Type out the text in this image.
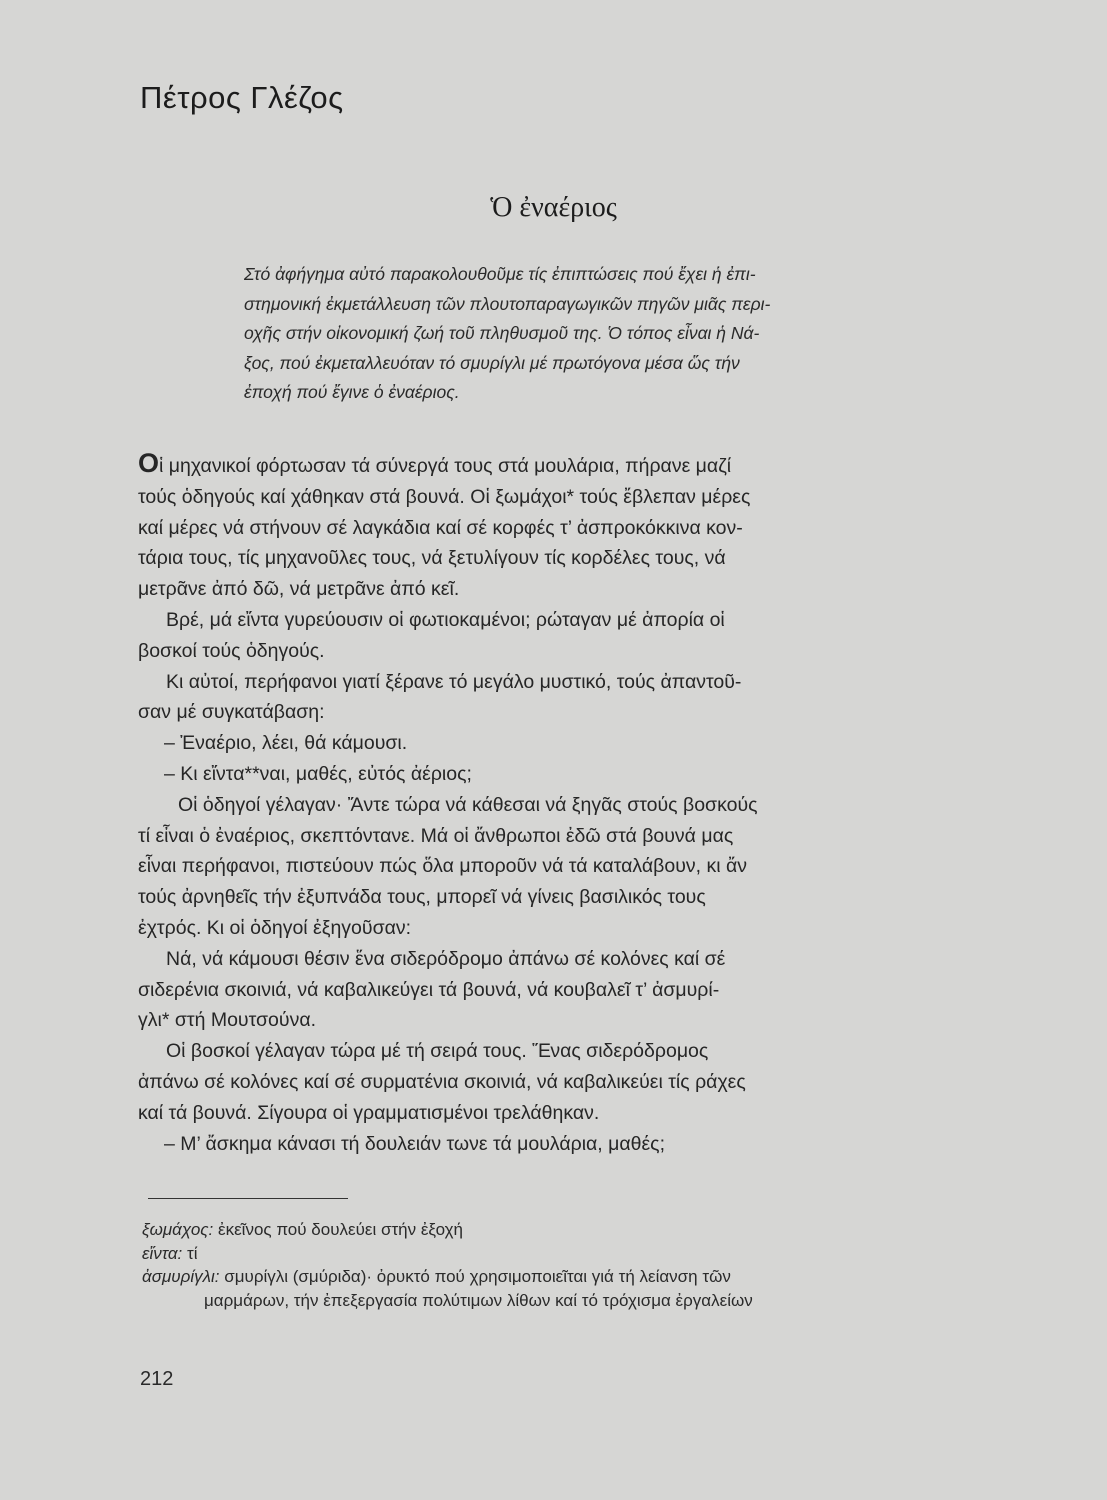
Πέτρος Γλέζος
Ὁ ἐναέριος
Στό ἀφήγημα αὐτό παρακολουθοῦμε τίς ἐπιπτώσεις πού ἔχει ἡ ἐπι-
στημονική ἐκμετάλλευση τῶν πλουτοπαραγωγικῶν πηγῶν μιᾶς περι-
οχῆς στήν οἰκονομική ζωή τοῦ πληθυσμοῦ της. Ὁ τόπος εἶναι ἡ Νά-
ξος, πού ἐκμεταλλευόταν τό σμυρίγλι μέ πρωτόγονα μέσα ὥς τήν
ἐποχή πού ἔγινε ὁ ἐναέριος.
Οἱ μηχανικοί φόρτωσαν τά σύνεργά τους στά μουλάρια, πήρανε μαζί
τούς ὁδηγούς καί χάθηκαν στά βουνά. Οἱ ξωμάχοι* τούς ἔβλεπαν μέρες
καί μέρες νά στήνουν σέ λαγκάδια καί σέ κορφές τ’ ἀσπροκόκκινα κον-
τάρια τους, τίς μηχανοῦλες τους, νά ξετυλίγουν τίς κορδέλες τους, νά
μετρᾶνε ἀπό δῶ, νά μετρᾶνε ἀπό κεῖ.
Βρέ, μά εἴντα γυρεύουσιν οἱ φωτιοκαμένοι; ρώταγαν μέ ἀπορία οἱ
βοσκοί τούς ὁδηγούς.
Κι αὐτοί, περήφανοι γιατί ξέρανε τό μεγάλο μυστικό, τούς ἀπαντοῦ-
σαν μέ συγκατάβαση:
– Ἐναέριο, λέει, θά κάμουσι.
– Κι εἴντα**ναι, μαθές, εὐτός ἀέριος;
Οἱ ὁδηγοί γέλαγαν· Ἄντε τώρα νά κάθεσαι νά ξηγᾶς στούς βοσκούς
τί εἶναι ὁ ἐναέριος, σκεπτόντανε. Μά οἱ ἄνθρωποι ἐδῶ στά βουνά μας
εἶναι περήφανοι, πιστεύουν πώς ὅλα μποροῦν νά τά καταλάβουν, κι ἄν
τούς ἀρνηθεῖς τήν ἐξυπνάδα τους, μπορεῖ νά γίνεις βασιλικός τους
ἐχτρός. Κι οἱ ὁδηγοί ἐξηγοῦσαν:
Νά, νά κάμουσι θέσιν ἕνα σιδερόδρομο ἀπάνω σέ κολόνες καί σέ
σιδερένια σκοινιά, νά καβαλικεύγει τά βουνά, νά κουβαλεῖ τ’ ἀσμυρί-
γλι* στή Μουτσούνα.
Οἱ βοσκοί γέλαγαν τώρα μέ τή σειρά τους. Ἕνας σιδερόδρομος
ἀπάνω σέ κολόνες καί σέ συρματένια σκοινιά, νά καβαλικεύει τίς ράχες
καί τά βουνά. Σίγουρα οἱ γραμματισμένοι τρελάθηκαν.
– Μ’ ἄσκημα κάνασι τή δουλειάν τωνε τά μουλάρια, μαθές;
ξωμάχος: ἐκεῖνος πού δουλεύει στήν ἐξοχή
εἴντα: τί
ἀσμυρίγλι: σμυρίγλι (σμύριδα)· ὀρυκτό πού χρησιμοποιεῖται γιά τή λείανση τῶν
μαρμάρων, τήν ἐπεξεργασία πολύτιμων λίθων καί τό τρόχισμα ἐργαλείων
212
